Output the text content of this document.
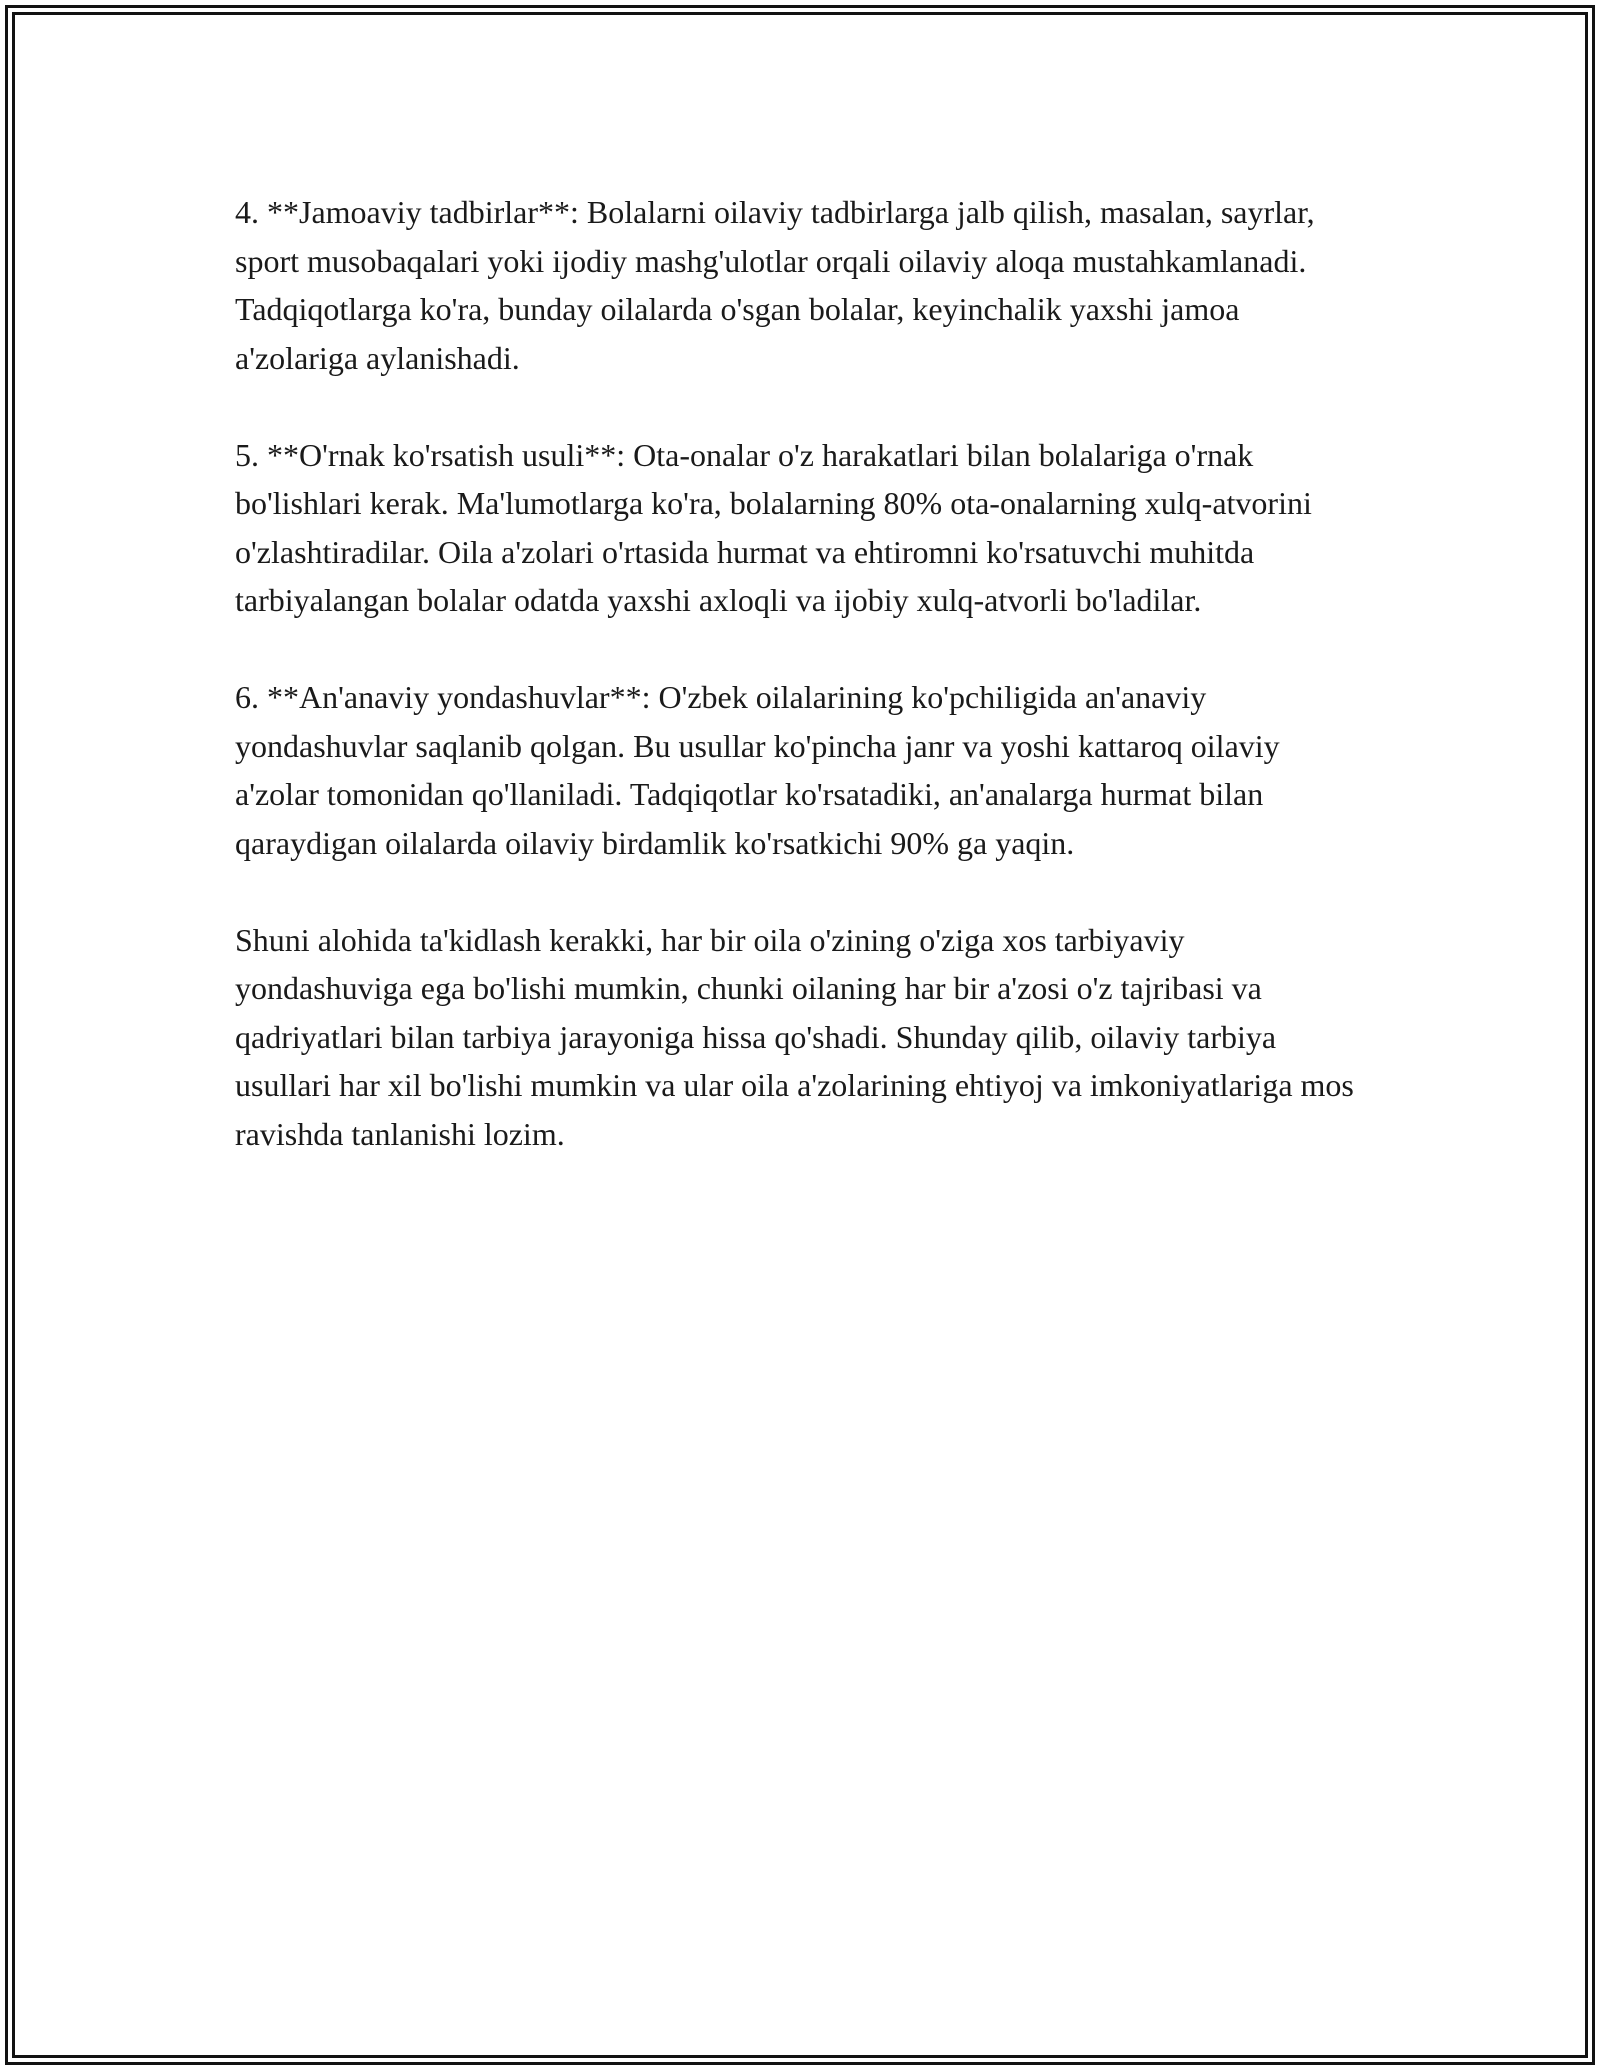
4. **Jamoaviy tadbirlar**: Bolalarni oilaviy tadbirlarga jalb qilish, masalan, sayrlar, sport musobaqalari yoki ijodiy mashg'ulotlar orqali oilaviy aloqa mustahkamlanadi. Tadqiqotlarga ko'ra, bunday oilalarda o'sgan bolalar, keyinchalik yaxshi jamoa a'zolariga aylanishadi.

5. **O'rnak ko'rsatish usuli**: Ota-onalar o'z harakatlari bilan bolalariga o'rnak bo'lishlari kerak. Ma'lumotlarga ko'ra, bolalarning 80% ota-onalarning xulq-atvorini o'zlashtiradilar. Oila a'zolari o'rtasida hurmat va ehtiromni ko'rsatuvchi muhitda tarbiyalangan bolalar odatda yaxshi axloqli va ijobiy xulq-atvorli bo'ladilar.

6. **An'anaviy yondashuvlar**: O'zbek oilalarining ko'pchiligida an'anaviy yondashuvlar saqlanib qolgan. Bu usullar ko'pincha janr va yoshi kattaroq oilaviy a'zolar tomonidan qo'llaniladi. Tadqiqotlar ko'rsatadiki, an'analarga hurmat bilan qaraydigan oilalarda oilaviy birdamlik ko'rsatkichi 90% ga yaqin.

Shuni alohida ta'kidlash kerakki, har bir oila o'zining o'ziga xos tarbiyaviy yondashuviga ega bo'lishi mumkin, chunki oilaning har bir a'zosi o'z tajribasi va qadriyatlari bilan tarbiya jarayoniga hissa qo'shadi. Shunday qilib, oilaviy tarbiya usullari har xil bo'lishi mumkin va ular oila a'zolarining ehtiyoj va imkoniyatlariga mos ravishda tanlanishi lozim.
